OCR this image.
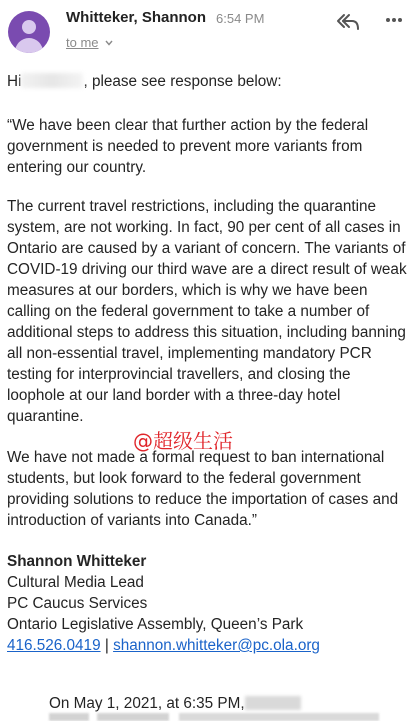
Whitteker, Shannon 6:54 PM
to me
Hi	, please see response below:

“We have been clear that further action by the federal government is needed to prevent more variants from entering our country.

The current travel restrictions, including the quarantine system, are not working. In fact, 90 per cent of all cases in Ontario are caused by a variant of concern. The variants of COVID-19 driving our third wave are a direct result of weak measures at our borders, which is why we have been calling on the federal government to take a number of additional steps to address this situation, including banning all non-essential travel, implementing mandatory PCR testing for interprovincial travellers, and closing the loophole at our land border with a three-day hotel quarantine.

We have not made a formal request to ban international students, but look forward to the federal government providing solutions to reduce the importation of cases and introduction of variants into Canada.”

@超级生活
Shannon Whitteker
Cultural Media Lead
PC Caucus Services
Ontario Legislative Assembly, Queen’s Park
416.526.0419 | shannon.whitteker@pc.ola.org
On May 1, 2021, at 6:35 PM,
